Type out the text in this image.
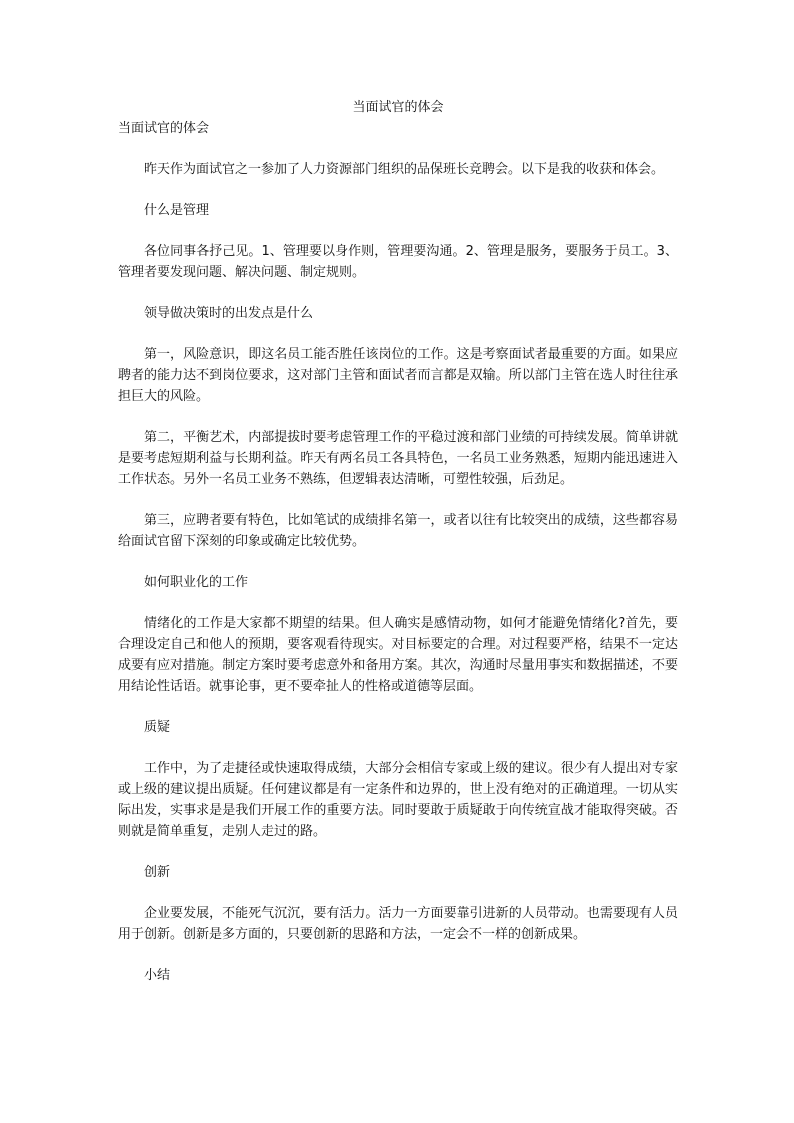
当面试官的体会

当面试官的体会

昨天作为面试官之一参加了人力资源部门组织的品保班长竞聘会。以下是我的收获和体会。

什么是管理

各位同事各抒己见。1、管理要以身作则，管理要沟通。2、管理是服务，要服务于员工。3、管理者要发现问题、解决问题、制定规则。

领导做决策时的出发点是什么

第一，风险意识，即这名员工能否胜任该岗位的工作。这是考察面试者最重要的方面。如果应聘者的能力达不到岗位要求，这对部门主管和面试者而言都是双输。所以部门主管在选人时往往承担巨大的风险。

第二，平衡艺术，内部提拔时要考虑管理工作的平稳过渡和部门业绩的可持续发展。简单讲就是要考虑短期利益与长期利益。昨天有两名员工各具特色，一名员工业务熟悉，短期内能迅速进入工作状态。另外一名员工业务不熟练，但逻辑表达清晰，可塑性较强，后劲足。

第三，应聘者要有特色，比如笔试的成绩排名第一，或者以往有比较突出的成绩，这些都容易给面试官留下深刻的印象或确定比较优势。

如何职业化的工作

情绪化的工作是大家都不期望的结果。但人确实是感情动物，如何才能避免情绪化?首先，要合理设定自己和他人的预期，要客观看待现实。对目标要定的合理。对过程要严格，结果不一定达成要有应对措施。制定方案时要考虑意外和备用方案。其次，沟通时尽量用事实和数据描述，不要用结论性话语。就事论事，更不要牵扯人的性格或道德等层面。

质疑

工作中，为了走捷径或快速取得成绩，大部分会相信专家或上级的建议。很少有人提出对专家或上级的建议提出质疑。任何建议都是有一定条件和边界的，世上没有绝对的正确道理。一切从实际出发，实事求是是我们开展工作的重要方法。同时要敢于质疑敢于向传统宣战才能取得突破。否则就是简单重复，走别人走过的路。

创新

企业要发展，不能死气沉沉，要有活力。活力一方面要靠引进新的人员带动。也需要现有人员用于创新。创新是多方面的，只要创新的思路和方法，一定会不一样的创新成果。

小结
